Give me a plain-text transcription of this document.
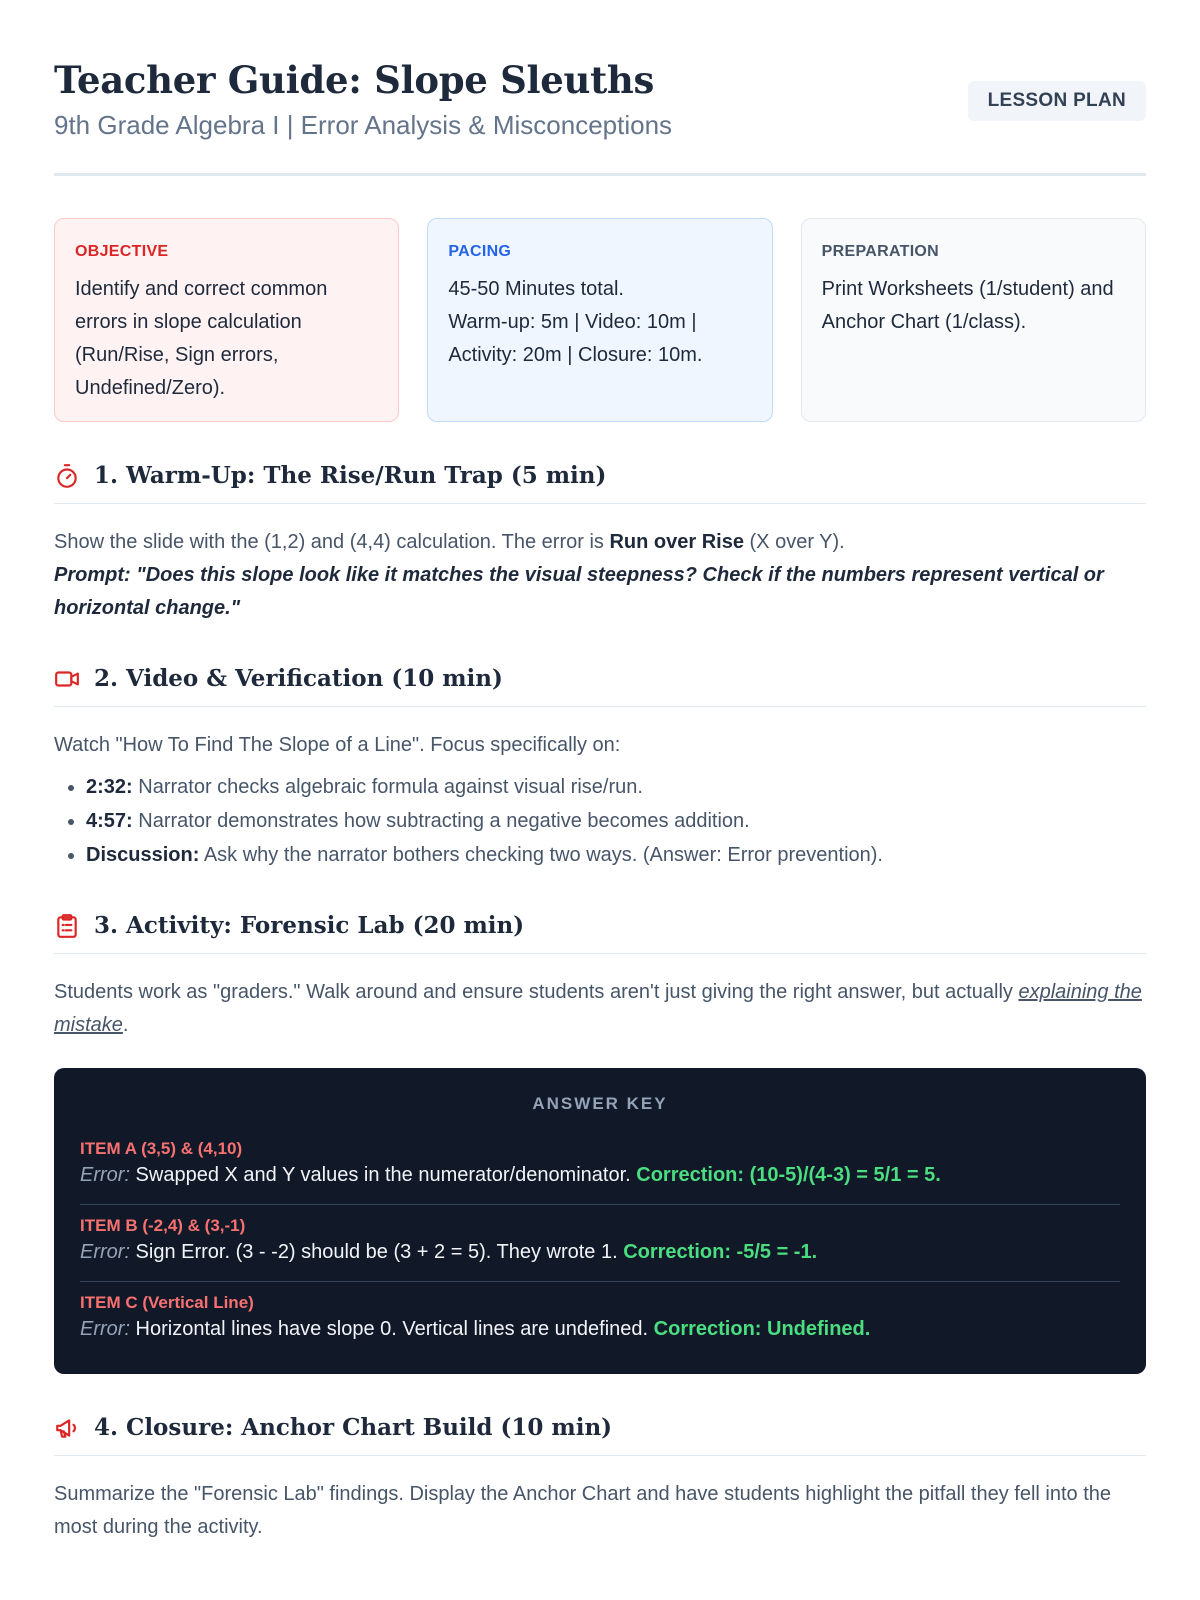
Teacher Guide: Slope Sleuths
9th Grade Algebra I | Error Analysis & Misconceptions
LESSON PLAN
OBJECTIVE
Identify and correct common errors in slope calculation (Run/Rise, Sign errors, Undefined/Zero).
PACING
45-50 Minutes total.
Warm-up: 5m | Video: 10m |
Activity: 20m | Closure: 10m.
PREPARATION
Print Worksheets (1/student) and Anchor Chart (1/class).
1. Warm-Up: The Rise/Run Trap (5 min)
Show the slide with the (1,2) and (4,4) calculation. The error is Run over Rise (X over Y).
Prompt: "Does this slope look like it matches the visual steepness? Check if the numbers represent vertical or horizontal change."
2. Video & Verification (10 min)
Watch "How To Find The Slope of a Line". Focus specifically on:
• 2:32: Narrator checks algebraic formula against visual rise/run.
• 4:57: Narrator demonstrates how subtracting a negative becomes addition.
• Discussion: Ask why the narrator bothers checking two ways. (Answer: Error prevention).
3. Activity: Forensic Lab (20 min)
Students work as "graders." Walk around and ensure students aren't just giving the right answer, but actually explaining the mistake.
ANSWER KEY
ITEM A (3,5) & (4,10)
Error: Swapped X and Y values in the numerator/denominator. Correction: (10-5)/(4-3) = 5/1 = 5.
ITEM B (-2,4) & (3,-1)
Error: Sign Error. (3 - -2) should be (3 + 2 = 5). They wrote 1. Correction: -5/5 = -1.
ITEM C (Vertical Line)
Error: Horizontal lines have slope 0. Vertical lines are undefined. Correction: Undefined.
4. Closure: Anchor Chart Build (10 min)
Summarize the "Forensic Lab" findings. Display the Anchor Chart and have students highlight the pitfall they fell into the most during the activity.
